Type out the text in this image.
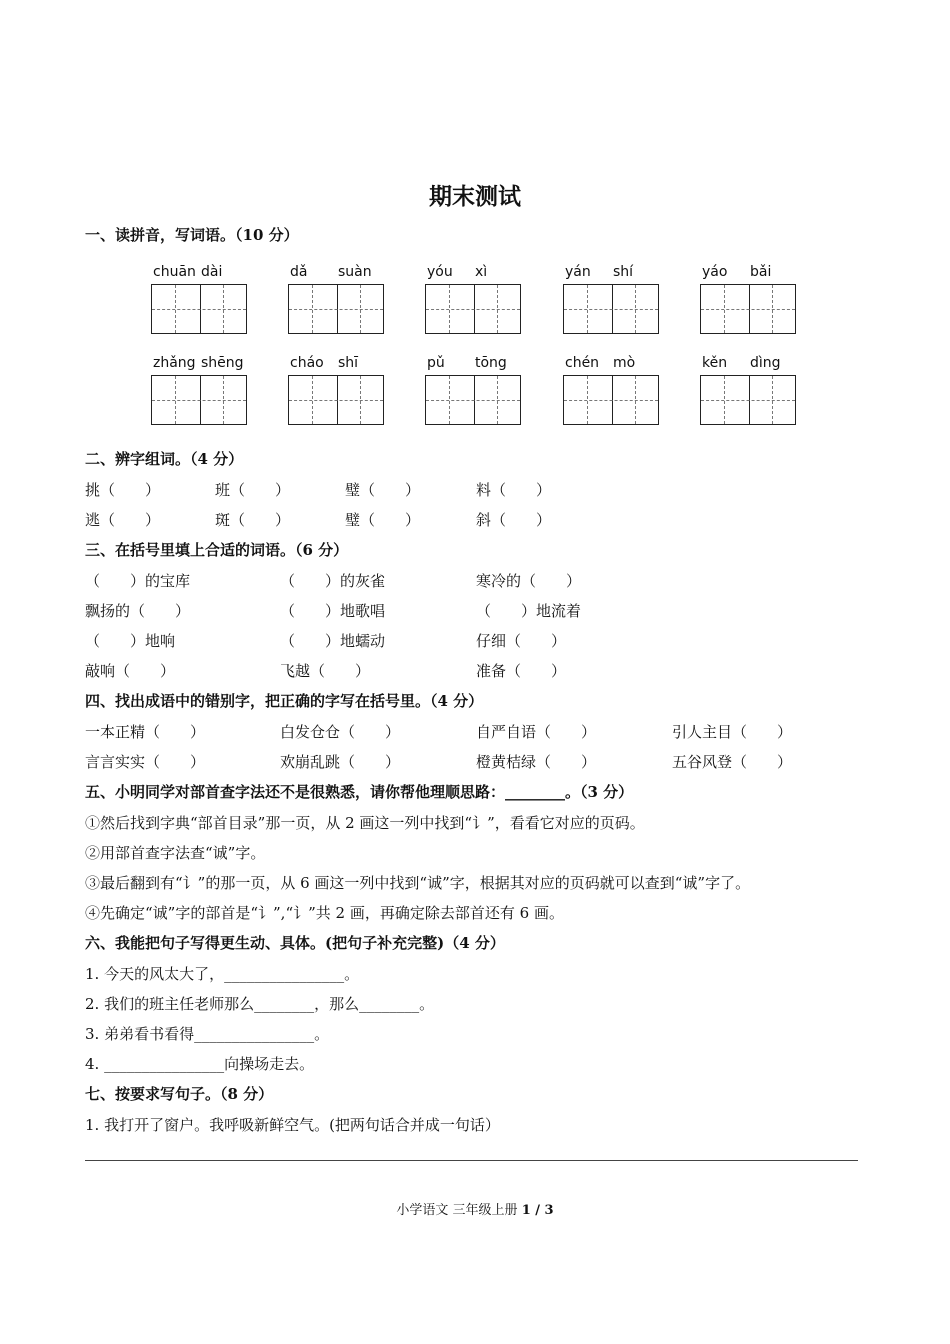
期末测试
一、读拼音，写词语。（10 分）
chuān dài	dǎ suàn	yóu xì	yán shí	yáo bǎi
zhǎng shēng	cháo shī	pǔ tōng	chén mò	kěn dìng
二、辨字组词。（4 分）
挑（　　）	班（　　）	璧（　　）	料（　　）
逃（　　）	斑（　　）	璧（　　）	斜（　　）
三、在括号里填上合适的词语。（6 分）
（　　）的宝库	（　　）的灰雀	寒冷的（　　）
飘扬的（　　）	（　　）地歌唱	（　　）地流着
（　　）地响	（　　）地蠕动	仔细（　　）
敲响（　　）	飞越（　　）	准备（　　）
四、找出成语中的错别字，把正确的字写在括号里。（4 分）
一本正精（　　）	白发仓仓（　　）	自严自语（　　）	引人主目（　　）
言言实实（　　）	欢崩乱跳（　　）	橙黄桔绿（　　）	五谷风登（　　）
五、小明同学对部首查字法还不是很熟悉，请你帮他理顺思路：________。（3 分）
①然后找到字典“部首目录”那一页，从 2 画这一列中找到“讠”，看看它对应的页码。
②用部首查字法查“诚”字。
③最后翻到有“讠”的那一页，从 6 画这一列中找到“诚”字，根据其对应的页码就可以查到“诚”字了。
④先确定“诚”字的部首是“讠”,“讠”共 2 画，再确定除去部首还有 6 画。
六、我能把句子写得更生动、具体。(把句子补充完整)（4 分）
1. 今天的风太大了，________________。
2. 我们的班主任老师那么________，那么________。
3. 弟弟看书看得________________。
4. ________________向操场走去。
七、按要求写句子。（8 分）
1. 我打开了窗户。我呼吸新鲜空气。(把两句话合并成一句话）
小学语文 三年级上册 1 / 3
